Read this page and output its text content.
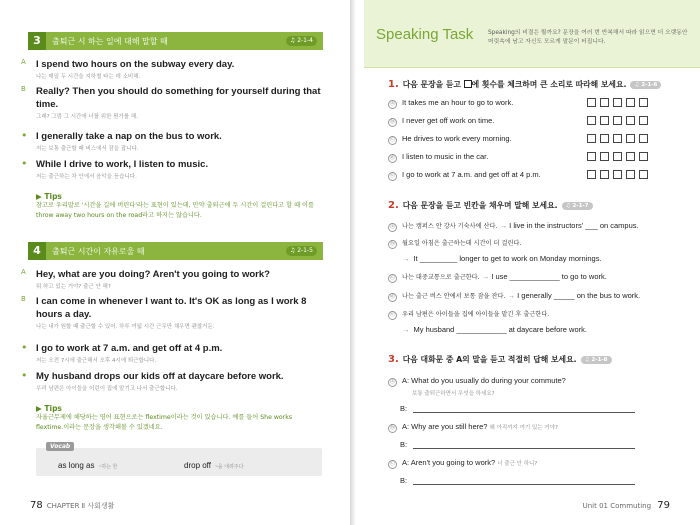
3 출퇴근 시 하는 일에 대해 말할 때	♫ 2-1-4
A I spend two hours on the subway every day.
나는 매일 두 시간을 지하철 타는 데 소비해.
B Really? Then you should do something for yourself during that time.
그래? 그럼 그 시간에 너를 위한 뭔가를 해.
• I generally take a nap on the bus to work.
저는 보통 출근할 때 버스에서 잠을 잡니다.
• While I drive to work, I listen to music.
저는 출근하는 차 안에서 음악을 듣습니다.
▶ Tips
참고로 우리말로 '시간을 길에 버린다'라는 표현이 있는데, 만약 출퇴근에 두 시간이 걸린다고 할 때 이를 throw away two hours on the road라고 하지는 않습니다.
4 출퇴근 시간이 자유로울 때	♫ 2-1-5
A Hey, what are you doing? Aren't you going to work?
뭐 하고 있는 거야? 출근 안 해?
B I can come in whenever I want to. It's OK as long as I work 8 hours a day.
나는 내가 원할 때 출근할 수 있어. 하루 여덟 시간 근무만 채우면 괜찮거든.
• I go to work at 7 a.m. and get off at 4 p.m.
저는 오전 7시에 출근해서 오후 4시에 퇴근합니다.
• My husband drops our kids off at daycare before work.
우리 남편은 아이들을 어린이 집에 맡기고 나서 출근합니다.
▶ Tips
자율근무제에 해당하는 영어 표현으로는 flextime이라는 것이 있습니다. 예를 들어 She works flextime.이라는 문장을 생각해볼 수 있겠네요.
Vocab
as long as ~하는 한	drop off ~을 내려주다
78 CHAPTER Ⅱ 사회생활
Speaking Task	Speaking의 비결은 뭘까요? 문장을 여러 번 반복해서 따라 읽으면 더 오랫동안 머릿속에 남고 자신도 모르게 말문이 터집니다.
1. 다음 문장을 듣고 에 횟수를 체크하며 큰 소리로 따라해 보세요. ♫ 2-1-6
ⓐ It takes me an hour to go to work.
ⓑ I never get off work on time.
ⓒ He drives to work every morning.
ⓓ I listen to music in the car.
ⓔ I go to work at 7 a.m. and get off at 4 p.m.
2. 다음 문장을 듣고 빈칸을 채우며 말해 보세요. ♫ 2-1-7
ⓐ 나는 캠퍼스 안 강사 기숙사에 산다. → I live in the instructors' ___ on campus.
ⓑ 월요일 아침은 출근하는데 시간이 더 걸린다.
→ It _________ longer to get to work on Monday mornings.
ⓒ 나는 대중교통으로 출근한다. → I use ____________ to go to work.
ⓓ 나는 출근 버스 안에서 보통 잠을 잔다. → I generally _____ on the bus to work.
ⓔ 우리 남편은 아이들을 집에 아이들을 맡긴 후 출근한다.
→ My husband ____________ at daycare before work.
3. 다음 대화문 중 A의 말을 듣고 적절히 답해 보세요. ♫ 2-1-8
ⓐ A: What do you usually do during your commute?
보통 출퇴근하면서 무엇을 하세요?
B:
ⓑ A: Why are you still here? 왜 아직까지 여기 있는 거야?
B:
ⓒ A: Aren't you going to work? 너 출근 안 하니?
B:
Unit 01 Commuting 79
